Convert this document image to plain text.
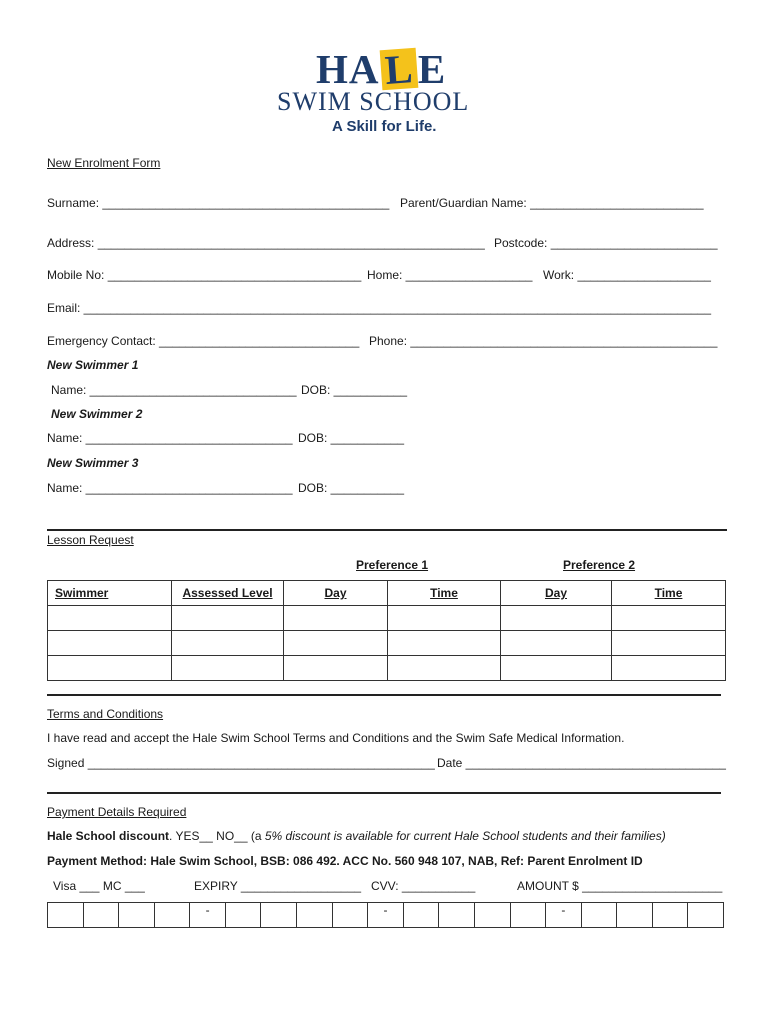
HALE
SWIM SCHOOL
A Skill for Life.
New Enrolment Form
Surname: ___________________________________________ Parent/Guardian Name: __________________________
Address: __________________________________________________________ Postcode: _________________________
Mobile No: ______________________________________ Home: ___________________ Work: ____________________
Email: ______________________________________________________________________________________________
Emergency Contact: ______________________________ Phone: ______________________________________________
New Swimmer 1
Name: _______________________________ DOB: ___________
New Swimmer 2
Name: _______________________________ DOB: ___________
New Swimmer 3
Name: _______________________________ DOB: ___________
Lesson Request
Preference 1	Preference 2
Swimmer	Assessed Level	Day	Time	Day	Time

Terms and Conditions
I have read and accept the Hale Swim School Terms and Conditions and the Swim Safe Medical Information.
Signed ____________________________________________________ Date _______________________________________
Payment Details Required
Hale School discount. YES__ NO__ (a 5% discount is available for current Hale School students and their families)
Payment Method: Hale Swim School, BSB: 086 492. ACC No. 560 948 107, NAB, Ref: Parent Enrolment ID
Visa ___ MC ___	EXPIRY __________________ CVV: ___________	AMOUNT $ _____________________
				-					-					-				
